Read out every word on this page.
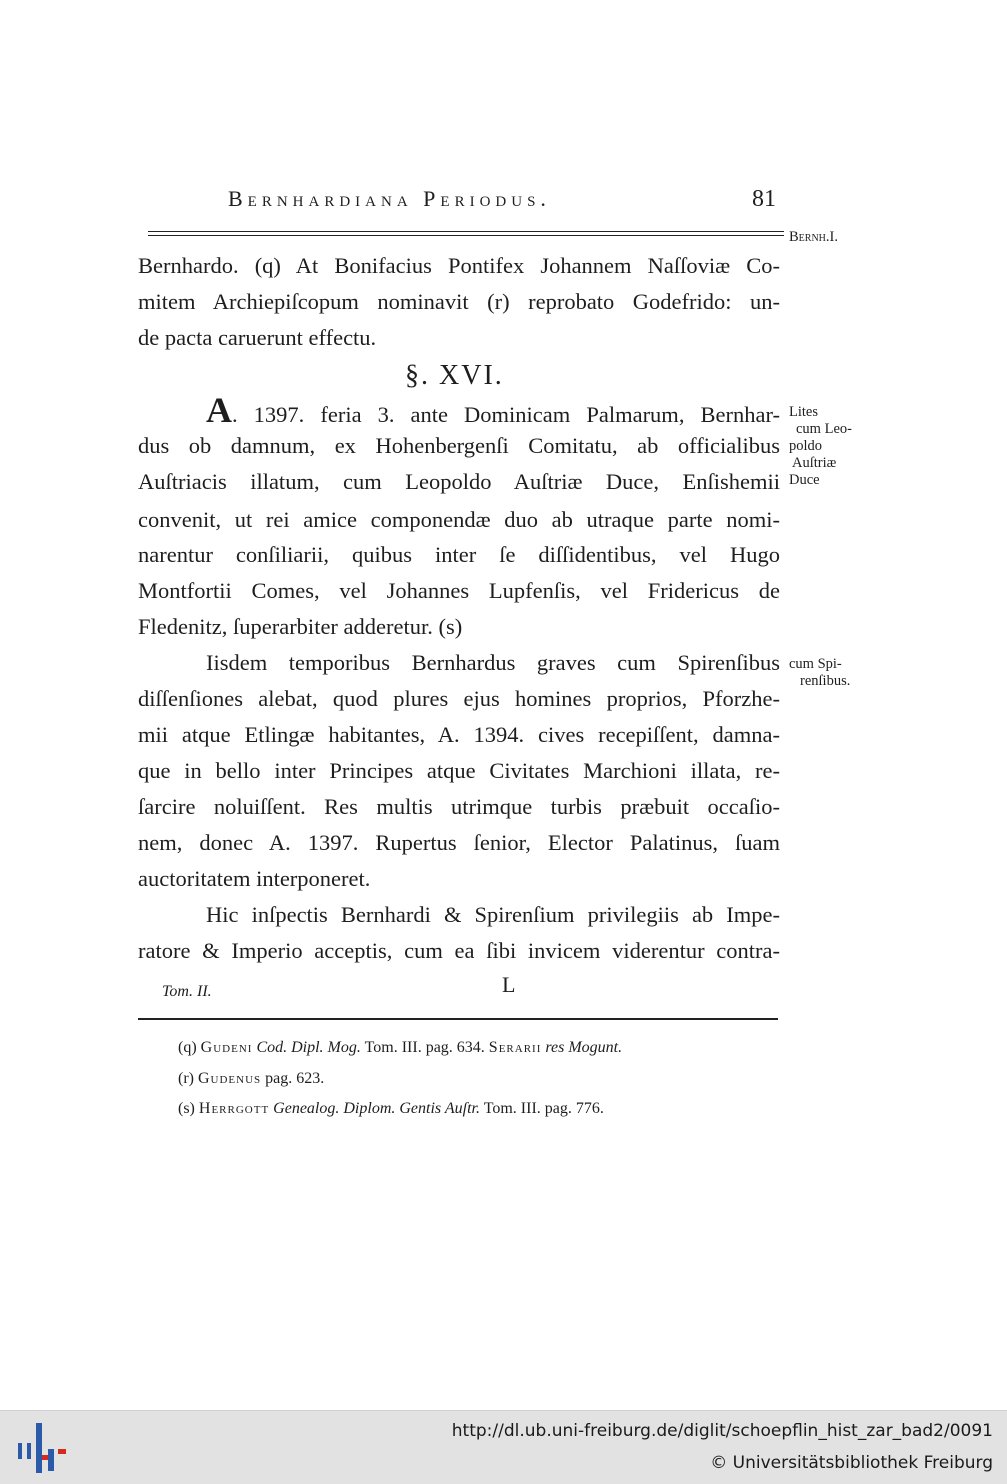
Bernhardiana Periodus.	81
Bernh.I.
Bernhardo. (q) At Bonifacius Pontifex Johannem Naſſoviæ Co-
mitem Archiepiſcopum nominavit (r) reprobato Godefrido: un-
de pacta caruerunt effectu.
§. XVI.
A. 1397. feria 3. ante Dominicam Palmarum, Bernhar-
dus ob damnum, ex Hohenbergenſi Comitatu, ab officialibus
Auſtriacis illatum, cum Leopoldo Auſtriæ Duce, Enſishemii
convenit, ut rei amice componendæ duo ab utraque parte nomi-
narentur conſiliarii, quibus inter ſe diſſidentibus, vel Hugo
Montfortii Comes, vel Johannes Lupfenſis, vel Fridericus de
Fledenitz, ſuperarbiter adderetur. (s)
Iisdem temporibus Bernhardus graves cum Spirenſibus
diſſenſiones alebat, quod plures ejus homines proprios, Pforzhe-
mii atque Etlingæ habitantes, A. 1394. cives recepiſſent, damna-
que in bello inter Principes atque Civitates Marchioni illata, re-
ſarcire noluiſſent. Res multis utrimque turbis præbuit occaſio-
nem, donec A. 1397. Rupertus ſenior, Elector Palatinus, ſuam
auctoritatem interponeret.
Hic inſpectis Bernhardi & Spirenſium privilegiis ab Impe-
ratore & Imperio acceptis, cum ea ſibi invicem viderentur contra-
Lites
cum Leo-
poldo
Auſtriæ
Duce
cum Spi-
renſibus.
Tom. II.	L
(q) Gudeni Cod. Dipl. Mog. Tom. III. pag. 634. Serarii res Mogunt.
(r) Gudenus pag. 623.
(s) Herrgott Genealog. Diplom. Gentis Auſtr. Tom. III. pag. 776.
http://dl.ub.uni-freiburg.de/diglit/schoepflin_hist_zar_bad2/0091
© Universitätsbibliothek Freiburg
